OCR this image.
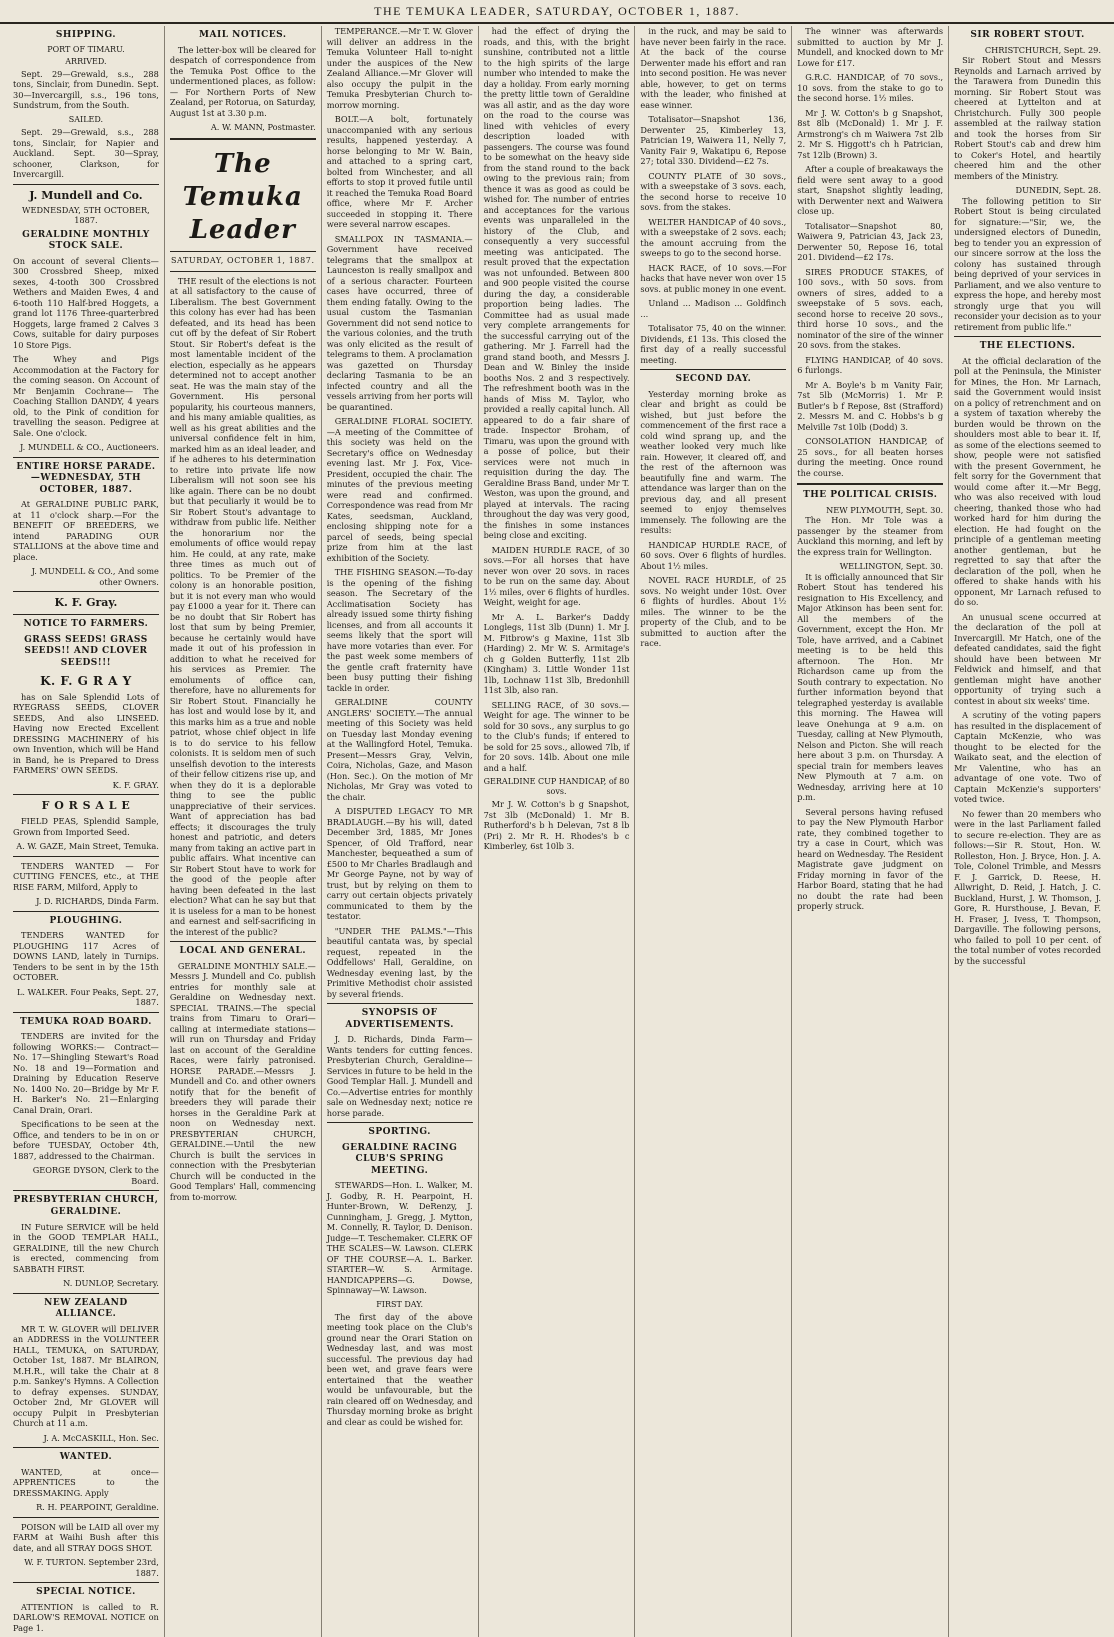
THE TEMUKA LEADER, SATURDAY, OCTOBER 1, 1887.
SHIPPING.
PORT OF TIMARU.
ARRIVED.

Sept. 29—Grewald, s.s., 288 tons, Sinclair, from Dunedin. Sept. 30—Invercargill, s.s., 196 tons, Sundstrum, from the South.

SAILED.

Sept. 29—Grewald, s.s., 288 tons, Sinclair, for Napier and Auckland. Sept. 30—Spray, schooner, Clarkson, for Invercargill.

J. Mundell and Co.
WEDNESDAY, 5TH OCTOBER, 1887.
GERALDINE MONTHLY STOCK SALE.

On account of several Clients— 300 Crossbred Sheep, mixed sexes, 4-tooth 300 Crossbred Wethers and Maiden Ewes, 4 and 6-tooth 110 Half-bred Hoggets, a grand lot 1176 Three-quarterbred Hoggets, large framed 2 Calves 3 Cows, suitable for dairy purposes 10 Store Pigs.

The Whey and Pigs Accommodation at the Factory for the coming season. On Account of Mr Benjamin Cochrane— The Coaching Stallion DANDY, 4 years old, to the Pink of condition for travelling the season. Pedigree at Sale. One o'clock.

J. MUNDELL & CO., Auctioneers.
ENTIRE HORSE PARADE.—WEDNESDAY, 5TH OCTOBER, 1887.

At GERALDINE PUBLIC PARK, at 11 o'clock sharp.—For the BENEFIT OF BREEDERS, we intend PARADING OUR STALLIONS at the above time and place.

J. MUNDELL & CO., And some other Owners.
K. F. Gray.
NOTICE TO FARMERS.
GRASS SEEDS! GRASS SEEDS!! AND CLOVER SEEDS!!!
K. F. G R A Y

has on Sale Splendid Lots of RYEGRASS SEEDS, CLOVER SEEDS, And also LINSEED. Having now Erected Excellent DRESSING MACHINERY of his own Invention, which will be Hand in Band, he is Prepared to Dress FARMERS' OWN SEEDS.

K. F. GRAY.
F O R S A L E

FIELD PEAS, Splendid Sample, Grown from Imported Seed.

A. W. GAZE, Main Street, Temuka.

TENDERS WANTED — For CUTTING FENCES, etc., at THE RISE FARM, Milford, Apply to

J. D. RICHARDS, Dinda Farm.
PLOUGHING.

TENDERS WANTED for PLOUGHING 117 Acres of DOWNS LAND, lately in Turnips. Tenders to be sent in by the 15th OCTOBER.

L. WALKER. Four Peaks, Sept. 27, 1887.
TEMUKA ROAD BOARD.

TENDERS are invited for the following WORKS:— Contract— No. 17—Shingling Stewart's Road No. 18 and 19—Formation and Draining by Education Reserve No. 1400 No. 20—Bridge by Mr F. H. Barker's No. 21—Enlarging Canal Drain, Orari.

Specifications to be seen at the Office, and tenders to be in on or before TUESDAY, October 4th, 1887, addressed to the Chairman.

GEORGE DYSON, Clerk to the Board.
PRESBYTERIAN CHURCH, GERALDINE.

IN Future SERVICE will be held in the GOOD TEMPLAR HALL, GERALDINE, till the new Church is erected, commencing from SABBATH FIRST.

N. DUNLOP, Secretary.
NEW ZEALAND ALLIANCE.

MR T. W. GLOVER will DELIVER an ADDRESS in the VOLUNTEER HALL, TEMUKA, on SATURDAY, October 1st, 1887. Mr BLAIRON, M.H.R., will take the Chair at 8 p.m. Sankey's Hymns. A Collection to defray expenses. SUNDAY, October 2nd, Mr GLOVER will occupy Pulpit in Presbyterian Church at 11 a.m.

J. A. McCASKILL, Hon. Sec.
WANTED.

WANTED, at once—APPRENTICES to the DRESSMAKING. Apply

R. H. PEARPOINT, Geraldine.

POISON will be LAID all over my FARM at Waihi Bush after this date, and all STRAY DOGS SHOT.

W. F. TURTON. September 23rd, 1887.
SPECIAL NOTICE.

ATTENTION is called to R. DARLOW'S REMOVAL NOTICE on Page 1.

MAIL NOTICES.

The letter-box will be cleared for despatch of correspondence from the Temuka Post Office to the undermentioned places, as follow:— For Northern Ports of New Zealand, per Rotorua, on Saturday, August 1st at 3.30 p.m.

A. W. MANN, Postmaster.
The Temuka Leader
SATURDAY, OCTOBER 1, 1887.

THE result of the elections is not at all satisfactory to the cause of Liberalism. The best Government this colony has ever had has been defeated, and its head has been cut off by the defeat of Sir Robert Stout. Sir Robert's defeat is the most lamentable incident of the election, especially as he appears determined not to accept another seat. He was the main stay of the Government. His personal popularity, his courteous manners, and his many amiable qualities, as well as his great abilities and the universal confidence felt in him, marked him as an ideal leader, and if he adheres to his determination to retire into private life now Liberalism will not soon see his like again. There can be no doubt but that peculiarly it would be to Sir Robert Stout's advantage to withdraw from public life. Neither the honorarium nor the emoluments of office would repay him. He could, at any rate, make three times as much out of politics. To be Premier of the colony is an honorable position, but it is not every man who would pay £1000 a year for it. There can be no doubt that Sir Robert has lost that sum by being Premier, because he certainly would have made it out of his profession in addition to what he received for his services as Premier. The emoluments of office can, therefore, have no allurements for Sir Robert Stout. Financially he has lost and would lose by it, and this marks him as a true and noble patriot, whose chief object in life is to do service to his fellow colonists. It is seldom men of such unselfish devotion to the interests of their fellow citizens rise up, and when they do it is a deplorable thing to see the public unappreciative of their services. Want of appreciation has bad effects; it discourages the truly honest and patriotic, and deters many from taking an active part in public affairs. What incentive can Sir Robert Stout have to work for the good of the people after having been defeated in the last election? What can he say but that it is useless for a man to be honest and earnest and self-sacrificing in the interest of the public?

LOCAL AND GENERAL.

GERALDINE MONTHLY SALE.—Messrs J. Mundell and Co. publish entries for monthly sale at Geraldine on Wednesday next. SPECIAL TRAINS.—The special trains from Timaru to Orari—calling at intermediate stations—will run on Thursday and Friday last on account of the Geraldine Races, were fairly patronised. HORSE PARADE.—Messrs J. Mundell and Co. and other owners notify that for the benefit of breeders they will parade their horses in the Geraldine Park at noon on Wednesday next. PRESBYTERIAN CHURCH, GERALDINE.—Until the new Church is built the services in connection with the Presbyterian Church will be conducted in the Good Templars' Hall, commencing from to-morrow.

TEMPERANCE.—Mr T. W. Glover will deliver an address in the Temuka Volunteer Hall to-night under the auspices of the New Zealand Alliance.—Mr Glover will also occupy the pulpit in the Temuka Presbyterian Church to-morrow morning.

BOLT.—A bolt, fortunately unaccompanied with any serious results, happened yesterday. A horse belonging to Mr W. Bain, and attached to a spring cart, bolted from Winchester, and all efforts to stop it proved futile until it reached the Temuka Road Board office, where Mr F. Archer succeeded in stopping it. There were several narrow escapes.

SMALLPOX IN TASMANIA.—Government have received telegrams that the smallpox at Launceston is really smallpox and of a serious character. Fourteen cases have occurred, three of them ending fatally. Owing to the usual custom the Tasmanian Government did not send notice to the various colonies, and the truth was only elicited as the result of telegrams to them. A proclamation was gazetted on Thursday declaring Tasmania to be an infected country and all the vessels arriving from her ports will be quarantined.

GERALDINE FLORAL SOCIETY.—A meeting of the Committee of this society was held on the Secretary's office on Wednesday evening last. Mr J. Fox, Vice-President, occupied the chair. The minutes of the previous meeting were read and confirmed. Correspondence was read from Mr Kates, seedsman, Auckland, enclosing shipping note for a parcel of seeds, being special prize from him at the last exhibition of the Society.

THE FISHING SEASON.—To-day is the opening of the fishing season. The Secretary of the Acclimatisation Society has already issued some thirty fishing licenses, and from all accounts it seems likely that the sport will have more votaries than ever. For the past week some members of the gentle craft fraternity have been busy putting their fishing tackle in order.

GERALDINE COUNTY ANGLERS' SOCIETY.—The annual meeting of this Society was held on Tuesday last Monday evening at the Wallingford Hotel, Temuka. Present—Messrs Gray, Velvin, Coira, Nicholas, Gaze, and Mason (Hon. Sec.). On the motion of Mr Nicholas, Mr Gray was voted to the chair.

A DISPUTED LEGACY TO MR BRADLAUGH.—By his will, dated December 3rd, 1885, Mr Jones Spencer, of Old Trafford, near Manchester, bequeathed a sum of £500 to Mr Charles Bradlaugh and Mr George Payne, not by way of trust, but by relying on them to carry out certain objects privately communicated to them by the testator.

"UNDER THE PALMS."—This beautiful cantata was, by special request, repeated in the Oddfellows' Hall, Geraldine, on Wednesday evening last, by the Primitive Methodist choir assisted by several friends.

SYNOPSIS OF ADVERTISEMENTS.

J. D. Richards, Dinda Farm—Wants tenders for cutting fences. Presbyterian Church, Geraldine—Services in future to be held in the Good Templar Hall. J. Mundell and Co.—Advertise entries for monthly sale on Wednesday next; notice re horse parade.

SPORTING.
GERALDINE RACING CLUB'S SPRING MEETING.

STEWARDS—Hon. L. Walker, M. J. Godby, R. H. Pearpoint, H. Hunter-Brown, W. DeRenzy, J. Cunningham, J. Gregg, J. Mytton, M. Connelly, R. Taylor, D. Denison. Judge—T. Teschemaker. CLERK OF THE SCALES—W. Lawson. CLERK OF THE COURSE—A. L. Barker. STARTER—W. S. Armitage. HANDICAPPERS—G. Dowse, Spinnaway—W. Lawson.

FIRST DAY.

The first day of the above meeting took place on the Club's ground near the Orari Station on Wednesday last, and was most successful. The previous day had been wet, and grave fears were entertained that the weather would be unfavourable, but the rain cleared off on Wednesday, and Thursday morning broke as bright and clear as could be wished for.

had the effect of drying the roads, and this, with the bright sunshine, contributed not a little to the high spirits of the large number who intended to make the day a holiday. From early morning the pretty little town of Geraldine was all astir, and as the day wore on the road to the course was lined with vehicles of every description loaded with passengers. The course was found to be somewhat on the heavy side from the stand round to the back owing to the previous rain; from thence it was as good as could be wished for. The number of entries and acceptances for the various events was unparalleled in the history of the Club, and consequently a very successful meeting was anticipated. The result proved that the expectation was not unfounded. Between 800 and 900 people visited the course during the day, a considerable proportion being ladies. The Committee had as usual made very complete arrangements for the successful carrying out of the gathering. Mr J. Farrell had the grand stand booth, and Messrs J. Dean and W. Binley the inside booths Nos. 2 and 3 respectively. The refreshment booth was in the hands of Miss M. Taylor, who provided a really capital lunch. All appeared to do a fair share of trade. Inspector Broham, of Timaru, was upon the ground with a posse of police, but their services were not much in requisition during the day. The Geraldine Brass Band, under Mr T. Weston, was upon the ground, and played at intervals. The racing throughout the day was very good, the finishes in some instances being close and exciting.

MAIDEN HURDLE RACE, of 30 sovs.—For all horses that have never won over 20 sovs. in races to be run on the same day. About 1½ miles, over 6 flights of hurdles. Weight, weight for age.

Mr A. L. Barker's Daddy Longlegs, 11st 3lb (Dunn) 1. Mr J. M. Fitbrow's g Maxine, 11st 3lb (Harding) 2. Mr W. S. Armitage's ch g Golden Butterfly, 11st 2lb (Kingham) 3. Little Wonder 11st 1lb, Lochnaw 11st 3lb, Bredonhill 11st 3lb, also ran.

SELLING RACE, of 30 sovs.—Weight for age. The winner to be sold for 30 sovs., any surplus to go to the Club's funds; if entered to be sold for 25 sovs., allowed 7lb, if for 20 sovs. 14lb. About one mile and a half.

GERALDINE CUP HANDICAP, of 80 sovs.

Mr J. W. Cotton's b g Snapshot, 7st 3lb (McDonald) 1. Mr B. Rutherford's b h Delevan, 7st 8 lb (Pri) 2. Mr R. H. Rhodes's b c Kimberley, 6st 10lb 3.

in the ruck, and may be said to have never been fairly in the race. At the back of the course Derwenter made his effort and ran into second position. He was never able, however, to get on terms with the leader, who finished at ease winner.

Totalisator—Snapshot 136, Derwenter 25, Kimberley 13, Patrician 19, Waiwera 11, Nelly 7, Vanity Fair 9, Wakatipu 6, Repose 27; total 330. Dividend—£2 7s.

COUNTY PLATE of 30 sovs., with a sweepstake of 3 sovs. each, the second horse to receive 10 sovs. from the stakes.

WELTER HANDICAP of 40 sovs., with a sweepstake of 2 sovs. each; the amount accruing from the sweeps to go to the second horse.

HACK RACE, of 10 sovs.—For hacks that have never won over 15 sovs. at public money in one event.

Unland ... Madison ... Goldfinch ...

Totalisator 75, 40 on the winner. Dividends, £1 13s. This closed the first day of a really successful meeting.

SECOND DAY.

Yesterday morning broke as clear and bright as could be wished, but just before the commencement of the first race a cold wind sprang up, and the weather looked very much like rain. However, it cleared off, and the rest of the afternoon was beautifully fine and warm. The attendance was larger than on the previous day, and all present seemed to enjoy themselves immensely. The following are the results:

HANDICAP HURDLE RACE, of 60 sovs. Over 6 flights of hurdles. About 1½ miles.

NOVEL RACE HURDLE, of 25 sovs. No weight under 10st. Over 6 flights of hurdles. About 1½ miles. The winner to be the property of the Club, and to be submitted to auction after the race.

The winner was afterwards submitted to auction by Mr J. Mundell, and knocked down to Mr Lowe for £17.

G.R.C. HANDICAP, of 70 sovs., 10 sovs. from the stake to go to the second horse. 1½ miles.

Mr J. W. Cotton's b g Snapshot, 8st 8lb (McDonald) 1. Mr J. F. Armstrong's ch m Waiwera 7st 2lb 2. Mr S. Higgott's ch h Patrician, 7st 12lb (Brown) 3.

After a couple of breakaways the field were sent away to a good start, Snapshot slightly leading, with Derwenter next and Waiwera close up.

Totalisator—Snapshot 80, Waiwera 9, Patrician 43, Jack 23, Derwenter 50, Repose 16, total 201. Dividend—£2 17s.

SIRES PRODUCE STAKES, of 100 sovs., with 50 sovs. from owners of sires, added to a sweepstake of 5 sovs. each, second horse to receive 20 sovs., third horse 10 sovs., and the nominator of the sire of the winner 20 sovs. from the stakes.

FLYING HANDICAP, of 40 sovs. 6 furlongs.

Mr A. Boyle's b m Vanity Fair, 7st 5lb (McMorris) 1. Mr P. Butler's b f Repose, 8st (Strafford) 2. Messrs M. and C. Hobbs's b g Melville 7st 10lb (Dodd) 3.

CONSOLATION HANDICAP, of 25 sovs., for all beaten horses during the meeting. Once round the course.

THE POLITICAL CRISIS.
NEW PLYMOUTH, Sept. 30.

The Hon. Mr Tole was a passenger by the steamer from Auckland this morning, and left by the express train for Wellington.

WELLINGTON, Sept. 30.

It is officially announced that Sir Robert Stout has tendered his resignation to His Excellency, and Major Atkinson has been sent for. All the members of the Government, except the Hon. Mr Tole, have arrived, and a Cabinet meeting is to be held this afternoon. The Hon. Mr Richardson came up from the South contrary to expectation. No further information beyond that telegraphed yesterday is available this morning. The Hawea will leave Onehunga at 9 a.m. on Tuesday, calling at New Plymouth, Nelson and Picton. She will reach here about 3 p.m. on Thursday. A special train for members leaves New Plymouth at 7 a.m. on Wednesday, arriving here at 10 p.m.

Several persons having refused to pay the New Plymouth Harbor rate, they combined together to try a case in Court, which was heard on Wednesday. The Resident Magistrate gave judgment on Friday morning in favor of the Harbor Board, stating that he had no doubt the rate had been properly struck.

SIR ROBERT STOUT.
CHRISTCHURCH, Sept. 29.

Sir Robert Stout and Messrs Reynolds and Larnach arrived by the Tarawera from Dunedin this morning. Sir Robert Stout was cheered at Lyttelton and at Christchurch. Fully 300 people assembled at the railway station and took the horses from Sir Robert Stout's cab and drew him to Coker's Hotel, and heartily cheered him and the other members of the Ministry.

DUNEDIN, Sept. 28.

The following petition to Sir Robert Stout is being circulated for signature:—"Sir, we, the undersigned electors of Dunedin, beg to tender you an expression of our sincere sorrow at the loss the colony has sustained through being deprived of your services in Parliament, and we also venture to express the hope, and hereby most strongly urge that you will reconsider your decision as to your retirement from public life."

THE ELECTIONS.

At the official declaration of the poll at the Peninsula, the Minister for Mines, the Hon. Mr Larnach, said the Government would insist on a policy of retrenchment and on a system of taxation whereby the burden would be thrown on the shoulders most able to bear it. If, as some of the elections seemed to show, people were not satisfied with the present Government, he felt sorry for the Government that would come after it.—Mr Begg, who was also received with loud cheering, thanked those who had worked hard for him during the election. He had fought on the principle of a gentleman meeting another gentleman, but he regretted to say that after the declaration of the poll, when he offered to shake hands with his opponent, Mr Larnach refused to do so.

An unusual scene occurred at the declaration of the poll at Invercargill. Mr Hatch, one of the defeated candidates, said the fight should have been between Mr Feldwick and himself, and that gentleman might have another opportunity of trying such a contest in about six weeks' time.

A scrutiny of the voting papers has resulted in the displacement of Captain McKenzie, who was thought to be elected for the Waikato seat, and the election of Mr Valentine, who has an advantage of one vote. Two of Captain McKenzie's supporters' voted twice.

No fewer than 20 members who were in the last Parliament failed to secure re-election. They are as follows:—Sir R. Stout, Hon. W. Rolleston, Hon. J. Bryce, Hon. J. A. Tole, Colonel Trimble, and Messrs F. J. Garrick, D. Reese, H. Allwright, D. Reid, J. Hatch, J. C. Buckland, Hurst, J. W. Thomson, J. Gore, R. Hursthouse, J. Bevan, F. H. Fraser, J. Ivess, T. Thompson, Dargaville. The following persons, who failed to poll 10 per cent. of the total number of votes recorded by the successful
